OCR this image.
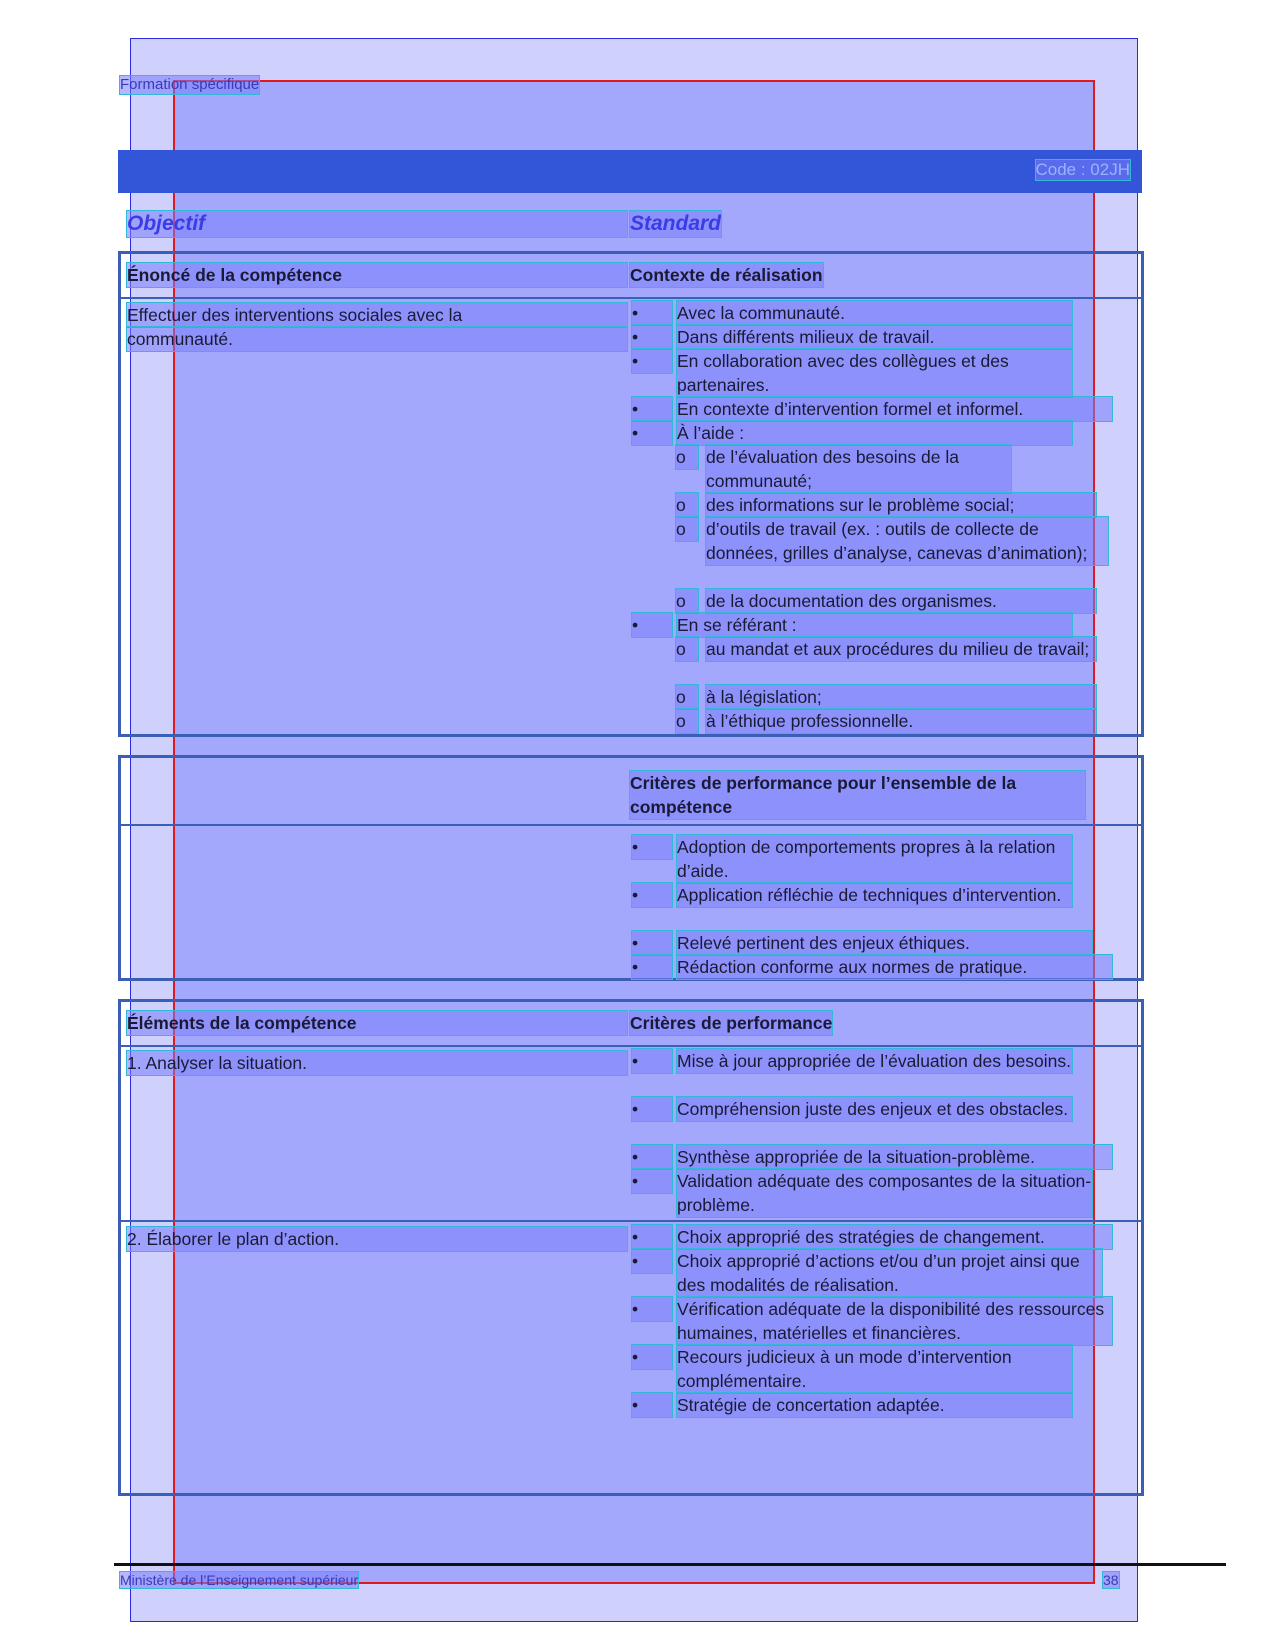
Formation spécifique
Code : 02JH
Objectif	Standard
Énoncé de la compétence	Contexte de réalisation
Effectuer des interventions sociales avec la
communauté.
•	Avec la communauté.
•	Dans différents milieux de travail.
•	En collaboration avec des collègues et des partenaires.
•	En contexte d’intervention formel et informel.
•	À l’aide :
o	de l’évaluation des besoins de la communauté;
o	des informations sur le problème social;
o	d’outils de travail (ex. : outils de collecte de données, grilles d’analyse, canevas d’animation);
o	de la documentation des organismes.
•	En se référant :
o	au mandat et aux procédures du milieu de travail;
o	à la législation;
o	à l’éthique professionnelle.
Critères de performance pour l’ensemble de la compétence
•	Adoption de comportements propres à la relation d’aide.
•	Application réfléchie de techniques d’intervention.
•	Relevé pertinent des enjeux éthiques.
•	Rédaction conforme aux normes de pratique.
Éléments de la compétence	Critères de performance
1. Analyser la situation.	•	Mise à jour appropriée de l’évaluation des besoins.
•	Compréhension juste des enjeux et des obstacles.
•	Synthèse appropriée de la situation-problème.
•	Validation adéquate des composantes de la situation-problème.
2. Élaborer le plan d’action.	•	Choix approprié des stratégies de changement.
•	Choix approprié d’actions et/ou d’un projet ainsi que des modalités de réalisation.
•	Vérification adéquate de la disponibilité des ressources humaines, matérielles et financières.
•	Recours judicieux à un mode d’intervention complémentaire.
•	Stratégie de concertation adaptée.
Ministère de l’Enseignement supérieur	38
